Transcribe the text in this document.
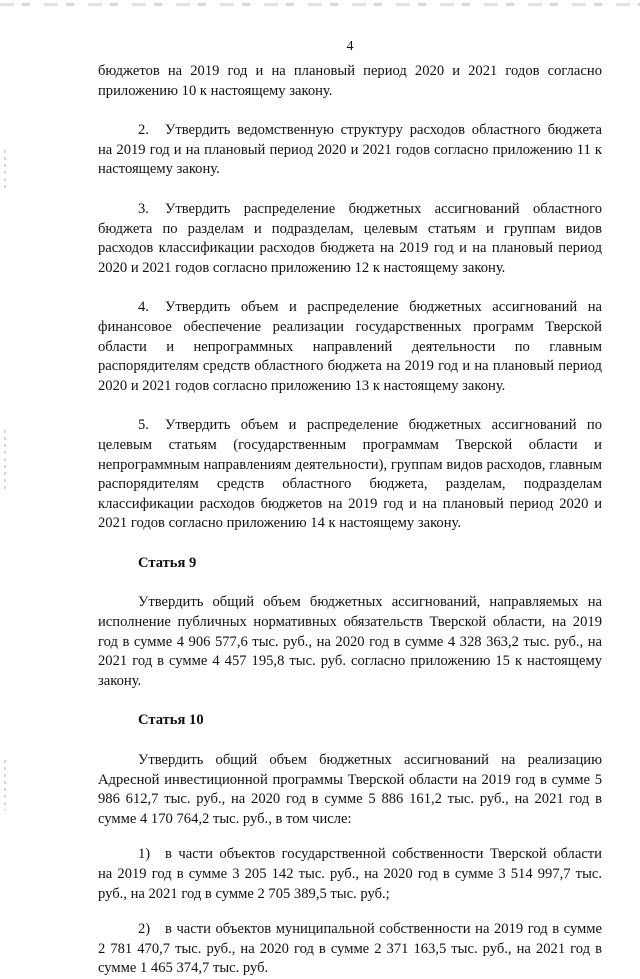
4

бюджетов на 2019 год и на плановый период 2020 и 2021 годов согласно приложению 10 к настоящему закону.

2. Утвердить ведомственную структуру расходов областного бюджета на 2019 год и на плановый период 2020 и 2021 годов согласно приложению 11 к настоящему закону.

3. Утвердить распределение бюджетных ассигнований областного бюджета по разделам и подразделам, целевым статьям и группам видов расходов классификации расходов бюджета на 2019 год и на плановый период 2020 и 2021 годов согласно приложению 12 к настоящему закону.

4. Утвердить объем и распределение бюджетных ассигнований на финансовое обеспечение реализации государственных программ Тверской области и непрограммных направлений деятельности по главным распорядителям средств областного бюджета на 2019 год и на плановый период 2020 и 2021 годов согласно приложению 13 к настоящему закону.

5. Утвердить объем и распределение бюджетных ассигнований по целевым статьям (государственным программам Тверской области и непрограммным направлениям деятельности), группам видов расходов, главным распорядителям средств областного бюджета, разделам, подразделам классификации расходов бюджетов на 2019 год и на плановый период 2020 и 2021 годов согласно приложению 14 к настоящему закону.

Статья 9

Утвердить общий объем бюджетных ассигнований, направляемых на исполнение публичных нормативных обязательств Тверской области, на 2019 год в сумме 4 906 577,6 тыс. руб., на 2020 год в сумме 4 328 363,2 тыс. руб., на 2021 год в сумме 4 457 195,8 тыс. руб. согласно приложению 15 к настоящему закону.

Статья 10

Утвердить общий объем бюджетных ассигнований на реализацию Адресной инвестиционной программы Тверской области на 2019 год в сумме 5 986 612,7 тыс. руб., на 2020 год в сумме 5 886 161,2 тыс. руб., на 2021 год в сумме 4 170 764,2 тыс. руб., в том числе:

1) в части объектов государственной собственности Тверской области на 2019 год в сумме 3 205 142 тыс. руб., на 2020 год в сумме 3 514 997,7 тыс. руб., на 2021 год в сумме 2 705 389,5 тыс. руб.;

2) в части объектов муниципальной собственности на 2019 год в сумме 2 781 470,7 тыс. руб., на 2020 год в сумме 2 371 163,5 тыс. руб., на 2021 год в сумме 1 465 374,7 тыс. руб.
